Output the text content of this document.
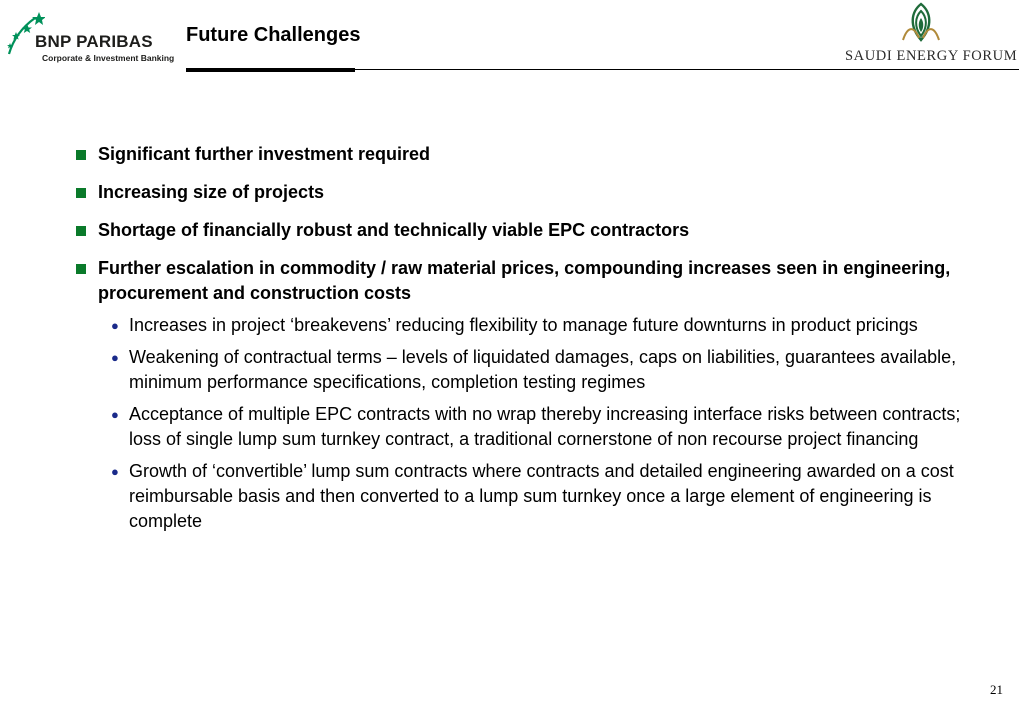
BNP PARIBAS
Corporate & Investment Banking
Future Challenges
SAUDI ENERGY FORUM
Significant further investment required
Increasing size of projects
Shortage of financially robust and technically viable EPC contractors
Further escalation in commodity / raw material prices, compounding increases seen in engineering, procurement and construction costs
● Increases in project ‘breakevens’ reducing flexibility to manage future downturns in product pricings
● Weakening of contractual terms – levels of liquidated damages, caps on liabilities, guarantees available, minimum performance specifications, completion testing regimes
● Acceptance of multiple EPC contracts with no wrap thereby increasing interface risks between contracts; loss of single lump sum turnkey contract, a traditional cornerstone of non recourse project financing
● Growth of ‘convertible’ lump sum contracts where contracts and detailed engineering awarded on a cost reimbursable basis and then converted to a lump sum turnkey once a large element of engineering is complete
21
